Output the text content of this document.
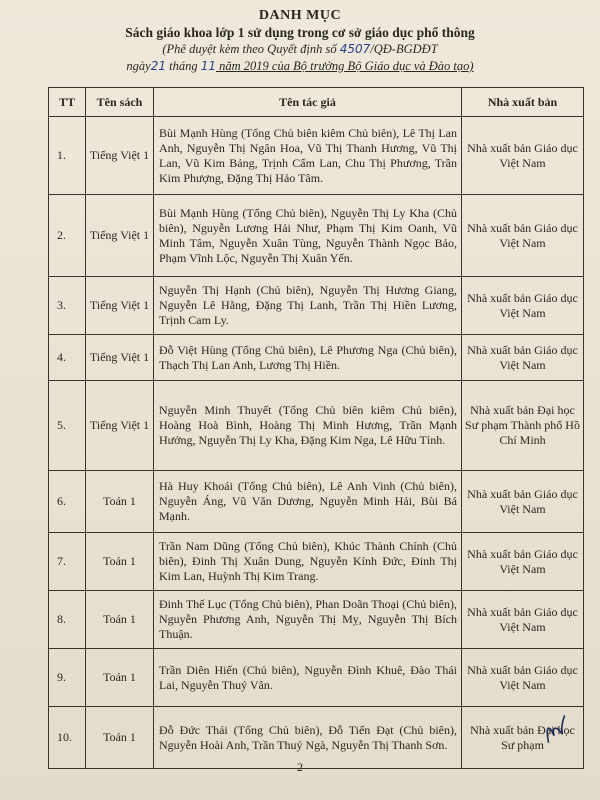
DANH MỤC
Sách giáo khoa lớp 1 sử dụng trong cơ sở giáo dục phổ thông
(Phê duyệt kèm theo Quyết định số 4507/QĐ-BGDĐT
ngày21 tháng 11 năm 2019 của Bộ trưởng Bộ Giáo dục và Đào tạo)
TT	Tên sách	Tên tác giả	Nhà xuất bản
1.	Tiếng Việt 1	Bùi Mạnh Hùng (Tổng Chủ biên kiêm Chủ biên), Lê Thị Lan Anh, Nguyễn Thị Ngân Hoa, Vũ Thị Thanh Hương, Vũ Thị Lan, Vũ Kim Bảng, Trịnh Cẩm Lan, Chu Thị Phương, Trần Kim Phượng, Đặng Thị Hảo Tâm.	Nhà xuất bản Giáo dục Việt Nam
2.	Tiếng Việt 1	Bùi Mạnh Hùng (Tổng Chủ biên), Nguyễn Thị Ly Kha (Chủ biên), Nguyễn Lương Hải Như, Phạm Thị Kim Oanh, Vũ Minh Tâm, Nguyễn Xuân Tùng, Nguyễn Thành Ngọc Bảo, Phạm Vĩnh Lộc, Nguyễn Thị Xuân Yến.	Nhà xuất bản Giáo dục Việt Nam
3.	Tiếng Việt 1	Nguyễn Thị Hạnh (Chủ biên), Nguyễn Thị Hương Giang, Nguyễn Lê Hằng, Đặng Thị Lanh, Trần Thị Hiền Lương, Trịnh Cam Ly.	Nhà xuất bản Giáo dục Việt Nam
4.	Tiếng Việt 1	Đỗ Việt Hùng (Tổng Chủ biên), Lê Phương Nga (Chủ biên), Thạch Thị Lan Anh, Lương Thị Hiền.	Nhà xuất bản Giáo dục Việt Nam
5.	Tiếng Việt 1	Nguyễn Minh Thuyết (Tổng Chủ biên kiêm Chủ biên), Hoàng Hoà Bình, Hoàng Thị Minh Hương, Trần Mạnh Hưởng, Nguyễn Thị Ly Kha, Đặng Kim Nga, Lê Hữu Tỉnh.	Nhà xuất bản Đại học Sư phạm Thành phố Hồ Chí Minh
6.	Toán 1	Hà Huy Khoái (Tổng Chủ biên), Lê Anh Vinh (Chủ biên), Nguyễn Áng, Vũ Văn Dương, Nguyễn Minh Hải, Bùi Bá Mạnh.	Nhà xuất bản Giáo dục Việt Nam
7.	Toán 1	Trần Nam Dũng (Tổng Chủ biên), Khúc Thành Chính (Chủ biên), Đinh Thị Xuân Dung, Nguyễn Kính Đức, Đinh Thị Kim Lan, Huỳnh Thị Kim Trang.	Nhà xuất bản Giáo dục Việt Nam
8.	Toán 1	Đinh Thế Lục (Tổng Chủ biên), Phan Doãn Thoại (Chủ biên), Nguyễn Phương Anh, Nguyễn Thị Mỵ, Nguyễn Thị Bích Thuận.	Nhà xuất bản Giáo dục Việt Nam
9.	Toán 1	Trần Diên Hiển (Chủ biên), Nguyễn Đình Khuê, Đào Thái Lai, Nguyễn Thuý Vân.	Nhà xuất bản Giáo dục Việt Nam
10.	Toán 1	Đỗ Đức Thái (Tổng Chủ biên), Đỗ Tiến Đạt (Chủ biên), Nguyễn Hoài Anh, Trần Thuý Ngà, Nguyễn Thị Thanh Sơn.	Nhà xuất bản Đại học Sư phạm
2
